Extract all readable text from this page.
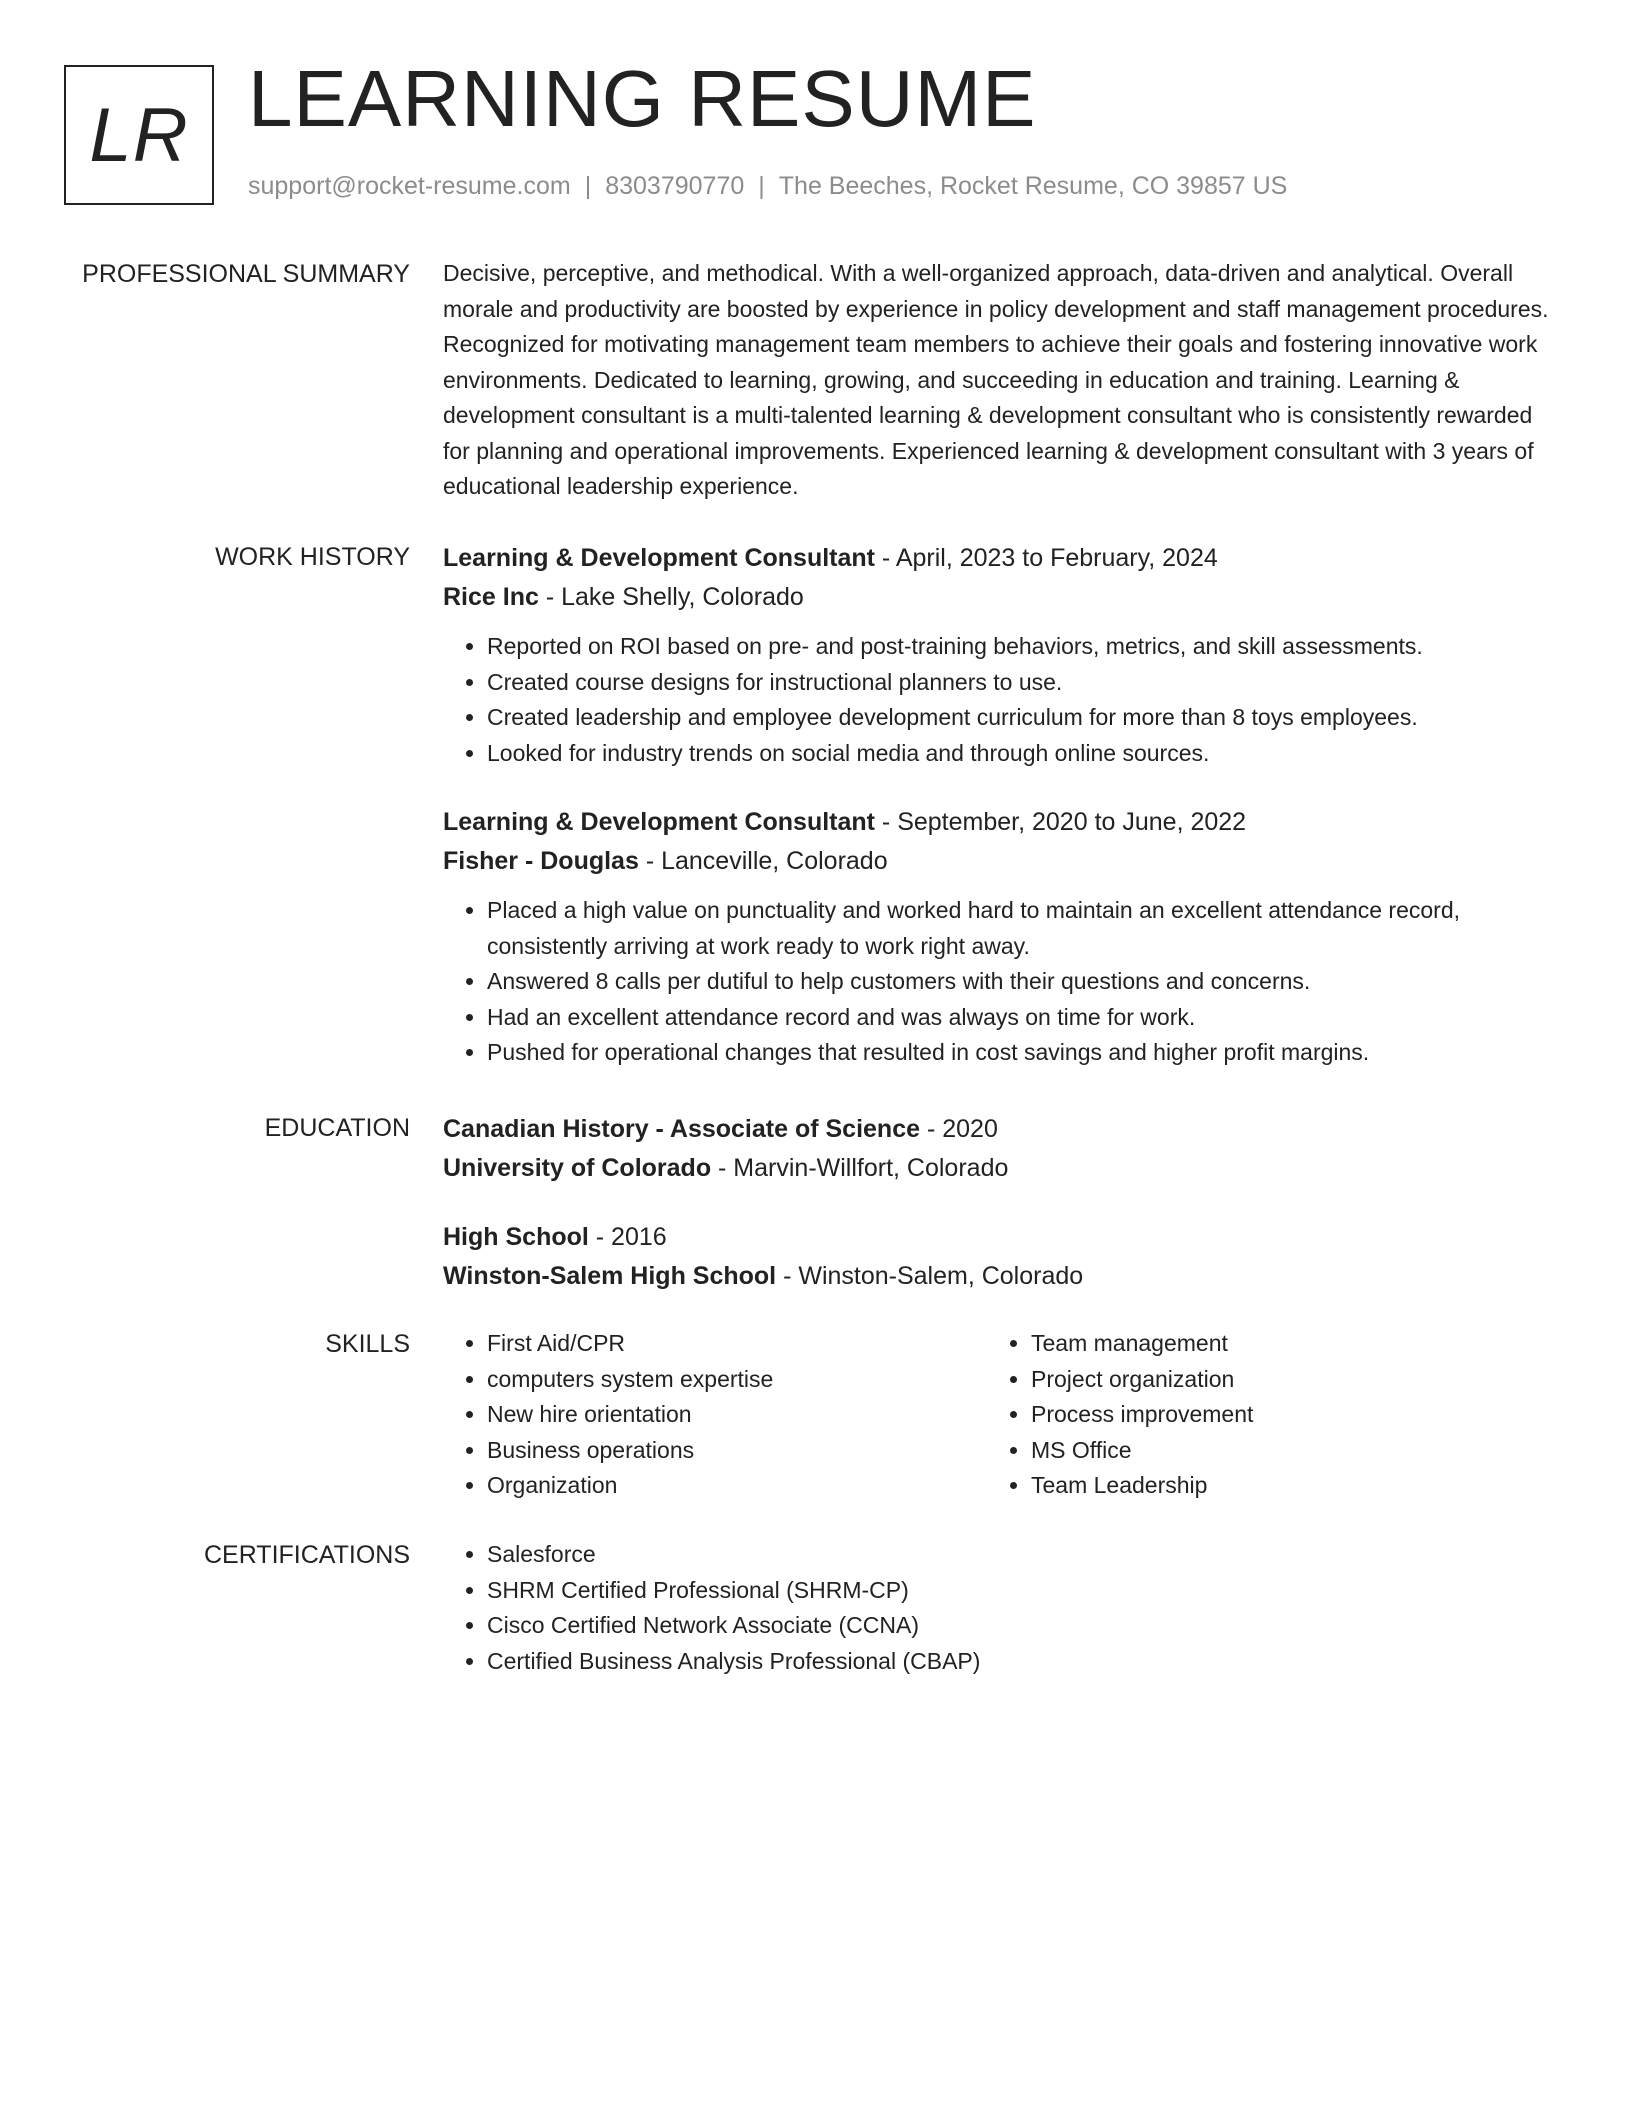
LR LEARNING RESUME
support@rocket-resume.com | 8303790770 | The Beeches, Rocket Resume, CO 39857 US
PROFESSIONAL SUMMARY Decisive, perceptive, and methodical. With a well-organized approach, data-driven and analytical. Overall morale and productivity are boosted by experience in policy development and staff management procedures. Recognized for motivating management team members to achieve their goals and fostering innovative work environments. Dedicated to learning, growing, and succeeding in education and training. Learning & development consultant is a multi-talented learning & development consultant who is consistently rewarded for planning and operational improvements. Experienced learning & development consultant with 3 years of educational leadership experience.

WORK HISTORY Learning & Development Consultant - April, 2023 to February, 2024
Rice Inc - Lake Shelly, Colorado
• Reported on ROI based on pre- and post-training behaviors, metrics, and skill assessments.
• Created course designs for instructional planners to use.
• Created leadership and employee development curriculum for more than 8 toys employees.
• Looked for industry trends on social media and through online sources.
Learning & Development Consultant - September, 2020 to June, 2022
Fisher - Douglas - Lanceville, Colorado
• Placed a high value on punctuality and worked hard to maintain an excellent attendance record, consistently arriving at work ready to work right away.
• Answered 8 calls per dutiful to help customers with their questions and concerns.
• Had an excellent attendance record and was always on time for work.
• Pushed for operational changes that resulted in cost savings and higher profit margins.
EDUCATION Canadian History - Associate of Science - 2020
University of Colorado - Marvin-Willfort, Colorado
High School - 2016
Winston-Salem High School - Winston-Salem, Colorado
SKILLS	• First Aid/CPR
• computers system expertise
• New hire orientation
• Business operations
• Organization
• Team management
• Project organization
• Process improvement
• MS Office
• Team Leadership
CERTIFICATIONS	• Salesforce
• SHRM Certified Professional (SHRM-CP)
• Cisco Certified Network Associate (CCNA)
• Certified Business Analysis Professional (CBAP)
